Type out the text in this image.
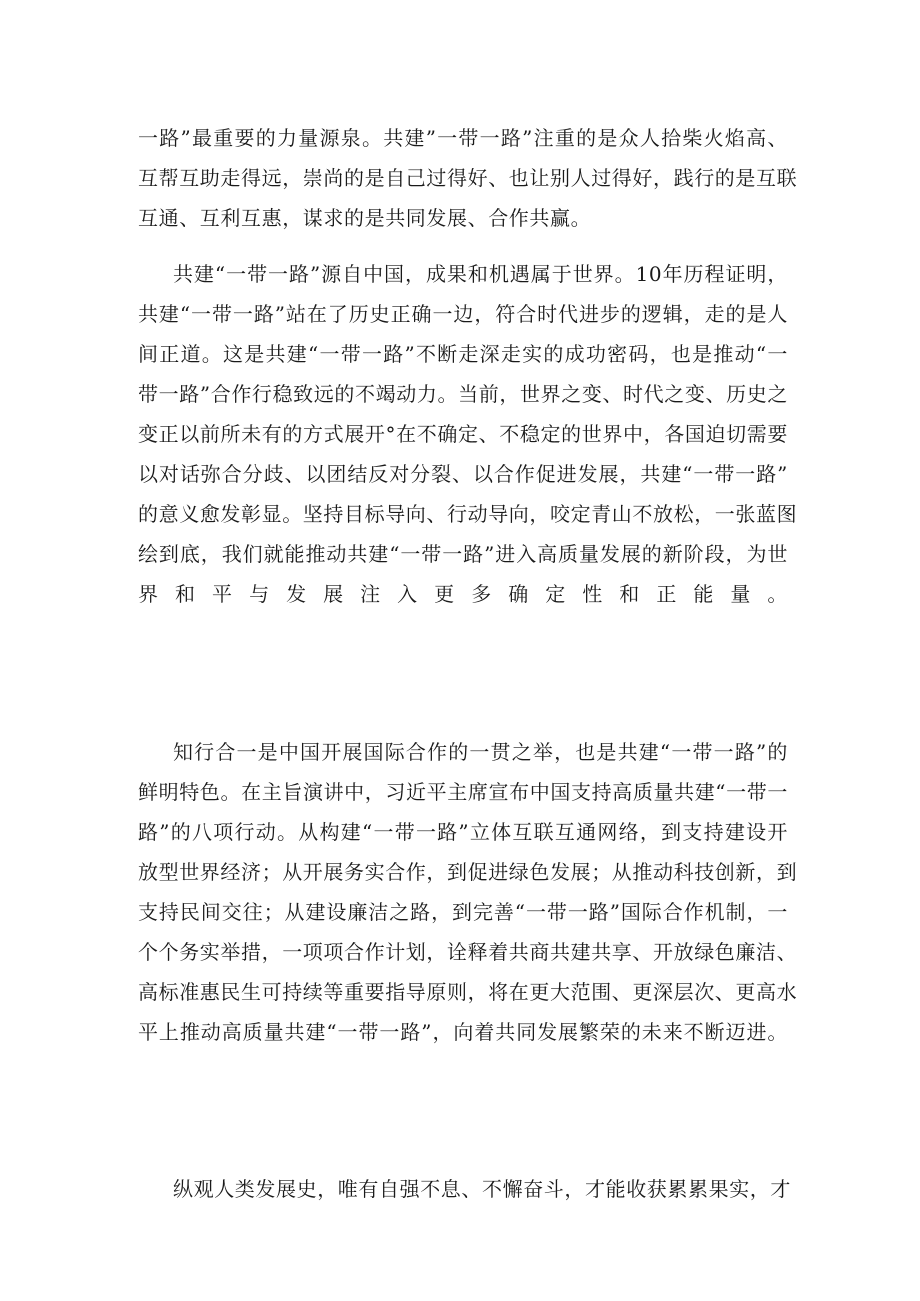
一路”最重要的力量源泉。共建”一带一路”注重的是众人拾柴火焰高、
互帮互助走得远，崇尚的是自己过得好、也让别人过得好，践行的是互联
互通、互利互惠，谋求的是共同发展、合作共赢。
共建“一带一路”源自中国，成果和机遇属于世界。10年历程证明，
共建“一带一路”站在了历史正确一边，符合时代进步的逻辑，走的是人
间正道。这是共建“一带一路”不断走深走实的成功密码，也是推动“一
带一路”合作行稳致远的不竭动力。当前，世界之变、时代之变、历史之
变正以前所未有的方式展开°在不确定、不稳定的世界中，各国迫切需要
以对话弥合分歧、以团结反对分裂、以合作促进发展，共建“一带一路”
的意义愈发彰显。坚持目标导向、行动导向，咬定青山不放松，一张蓝图
绘到底，我们就能推动共建“一带一路”进入高质量发展的新阶段，为世
界和平与发展注入更多确定性和正能量。
知行合一是中国开展国际合作的一贯之举，也是共建“一带一路”的
鲜明特色。在主旨演讲中，习近平主席宣布中国支持高质量共建“一带一
路”的八项行动。从构建“一带一路”立体互联互通网络，到支持建设开
放型世界经济；从开展务实合作，到促进绿色发展；从推动科技创新，到
支持民间交往；从建设廉洁之路，到完善“一带一路”国际合作机制，一
个个务实举措，一项项合作计划，诠释着共商共建共享、开放绿色廉洁、
高标准惠民生可持续等重要指导原则，将在更大范围、更深层次、更高水
平上推动高质量共建“一带一路”，向着共同发展繁荣的未来不断迈进。
纵观人类发展史，唯有自强不息、不懈奋斗，才能收获累累果实，才
